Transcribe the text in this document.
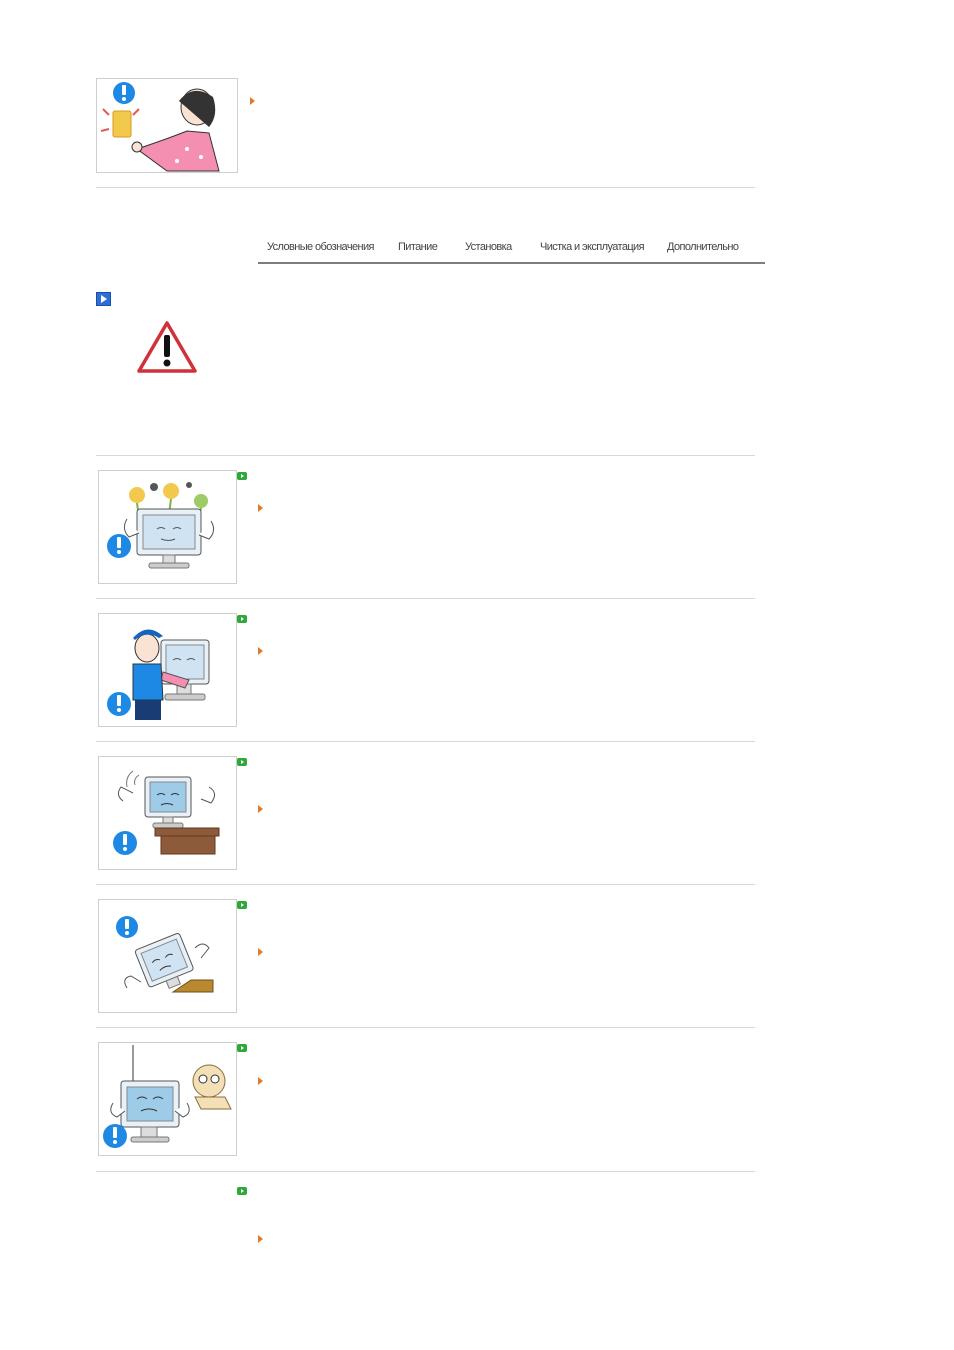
Условные обозначения Питание	Установка	Чистка и эксплуатация Дополнительно
